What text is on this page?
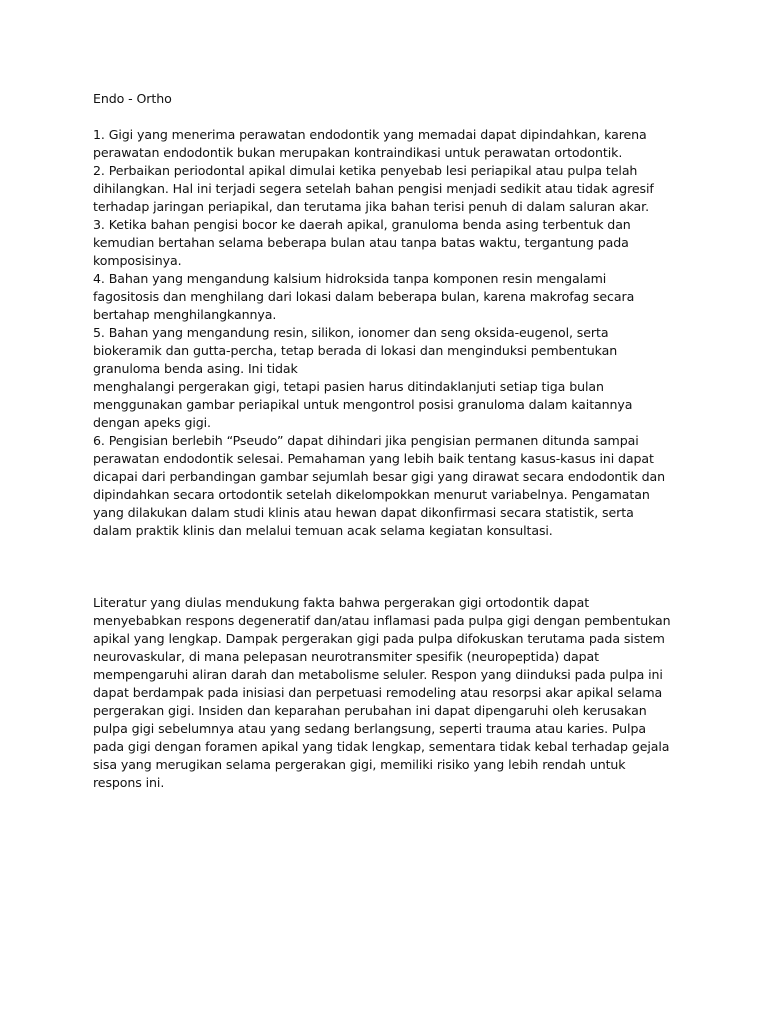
Endo - Ortho
1. Gigi yang menerima perawatan endodontik yang memadai dapat dipindahkan, karena
perawatan endodontik bukan merupakan kontraindikasi untuk perawatan ortodontik.
2. Perbaikan periodontal apikal dimulai ketika penyebab lesi periapikal atau pulpa telah
dihilangkan. Hal ini terjadi segera setelah bahan pengisi menjadi sedikit atau tidak agresif
terhadap jaringan periapikal, dan terutama jika bahan terisi penuh di dalam saluran akar.
3. Ketika bahan pengisi bocor ke daerah apikal, granuloma benda asing terbentuk dan
kemudian bertahan selama beberapa bulan atau tanpa batas waktu, tergantung pada
komposisinya.
4. Bahan yang mengandung kalsium hidroksida tanpa komponen resin mengalami
fagositosis dan menghilang dari lokasi dalam beberapa bulan, karena makrofag secara
bertahap menghilangkannya.
5. Bahan yang mengandung resin, silikon, ionomer dan seng oksida-eugenol, serta
biokeramik dan gutta-percha, tetap berada di lokasi dan menginduksi pembentukan
granuloma benda asing. Ini tidak
menghalangi pergerakan gigi, tetapi pasien harus ditindaklanjuti setiap tiga bulan
menggunakan gambar periapikal untuk mengontrol posisi granuloma dalam kaitannya
dengan apeks gigi.
6. Pengisian berlebih “Pseudo” dapat dihindari jika pengisian permanen ditunda sampai
perawatan endodontik selesai. Pemahaman yang lebih baik tentang kasus-kasus ini dapat
dicapai dari perbandingan gambar sejumlah besar gigi yang dirawat secara endodontik dan
dipindahkan secara ortodontik setelah dikelompokkan menurut variabelnya. Pengamatan
yang dilakukan dalam studi klinis atau hewan dapat dikonfirmasi secara statistik, serta
dalam praktik klinis dan melalui temuan acak selama kegiatan konsultasi.
Literatur yang diulas mendukung fakta bahwa pergerakan gigi ortodontik dapat
menyebabkan respons degeneratif dan/atau inflamasi pada pulpa gigi dengan pembentukan
apikal yang lengkap. Dampak pergerakan gigi pada pulpa difokuskan terutama pada sistem
neurovaskular, di mana pelepasan neurotransmiter spesifik (neuropeptida) dapat
mempengaruhi aliran darah dan metabolisme seluler. Respon yang diinduksi pada pulpa ini
dapat berdampak pada inisiasi dan perpetuasi remodeling atau resorpsi akar apikal selama
pergerakan gigi. Insiden dan keparahan perubahan ini dapat dipengaruhi oleh kerusakan
pulpa gigi sebelumnya atau yang sedang berlangsung, seperti trauma atau karies. Pulpa
pada gigi dengan foramen apikal yang tidak lengkap, sementara tidak kebal terhadap gejala
sisa yang merugikan selama pergerakan gigi, memiliki risiko yang lebih rendah untuk
respons ini.
